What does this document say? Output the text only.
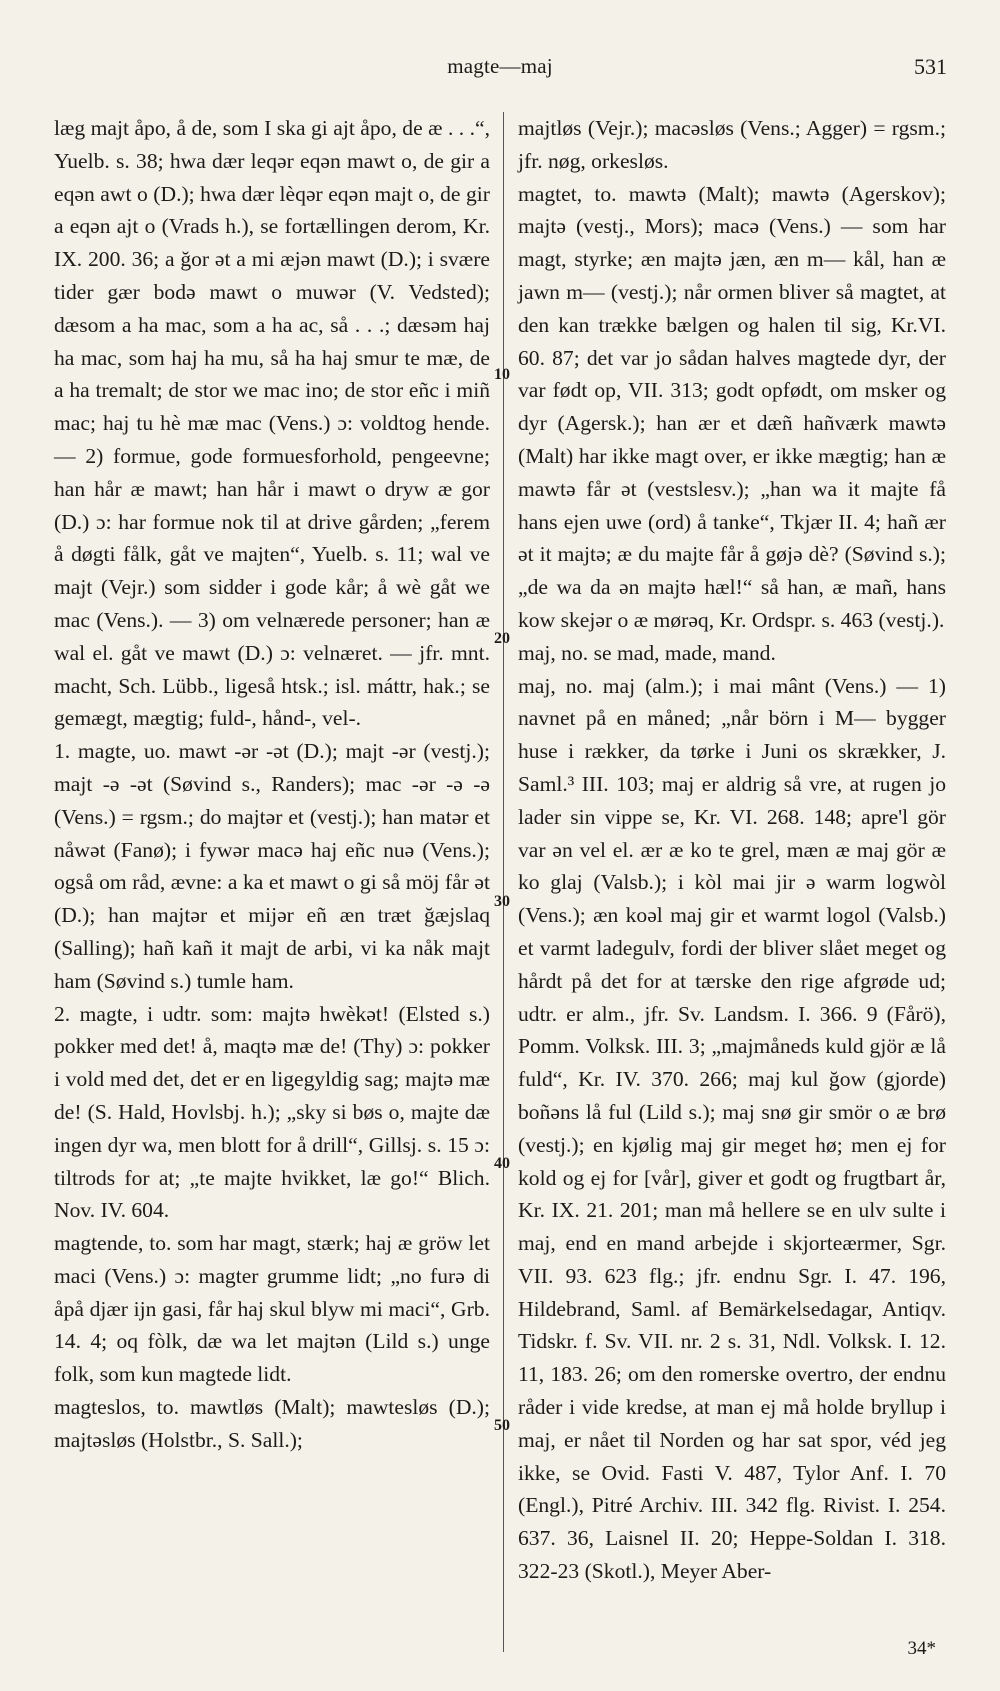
magte—maj	531
10
20
30
40
50

læg majt åpo, å de, som I ska gi ajt åpo, de æ . . .“, Yuelb. s. 38; hwa dær leqər eqən mawt o, de gir a eqən awt o (D.); hwa dær lèqər eqən majt o, de gir a eqən ajt o (Vrads h.), se fortællingen derom, Kr. IX. 200. 36; a ğor ət a mi æjən mawt (D.); i svære tider gær bodə mawt o muwər (V. Vedsted); dæsom a ha mac, som a ha ac, så . . .; dæsəm haj ha mac, som haj ha mu, så ha haj smur te mæ, de a ha tremalt; de stor we mac ino; de stor eñc i miñ mac; haj tu hè mæ mac (Vens.) ɔ: voldtog hende. — 2) formue, gode formuesforhold, pengeevne; han hår æ mawt; han hår i mawt o dryw æ gor (D.) ɔ: har formue nok til at drive gården; „ferem å døgti fålk, gåt ve majten“, Yuelb. s. 11; wal ve majt (Vejr.) som sidder i gode kår; å wè gåt we mac (Vens.). — 3) om velnærede personer; han æ wal el. gåt ve mawt (D.) ɔ: velnæret. — jfr. mnt. macht, Sch. Lübb., ligeså htsk.; isl. máttr, hak.; se gemægt, mægtig; fuld-, hånd-, vel-.

1. magte, uo. mawt -ər -ət (D.); majt -ər (vestj.); majt -ə -ət (Søvind s., Randers); mac -ər -ə -ə (Vens.) = rgsm.; do majtər et (vestj.); han matər et nåwət (Fanø); i fywər macə haj eñc nuə (Vens.); også om råd, ævne: a ka et mawt o gi så möj får ət (D.); han majtər et mijər eñ æn træt ğæjslaq (Salling); hañ kañ it majt de arbi, vi ka nåk majt ham (Søvind s.) tumle ham.

2. magte, i udtr. som: majtə hwèkət! (Elsted s.) pokker med det! å, maqtə mæ de! (Thy) ɔ: pokker i vold med det, det er en ligegyldig sag; majtə mæ de! (S. Hald, Hovlsbj. h.); „sky si bøs o, majte dæ ingen dyr wa, men blott for å drill“, Gillsj. s. 15 ɔ: tiltrods for at; „te majte hvikket, læ go!“ Blich. Nov. IV. 604.

magtende, to. som har magt, stærk; haj æ gröw let maci (Vens.) ɔ: magter grumme lidt; „no furə di åpå djær ijn gasi, får haj skul blyw mi maci“, Grb. 14. 4; oq fòlk, dæ wa let majtən (Lild s.) unge folk, som kun magtede lidt.

magteslos, to. mawtløs (Malt); mawtesløs (D.); majtəsløs (Holstbr., S. Sall.);

majtløs (Vejr.); macəsløs (Vens.; Agger) = rgsm.; jfr. nøg, orkesløs.

magtet, to. mawtə (Malt); mawtə (Agerskov); majtə (vestj., Mors); macə (Vens.) — som har magt, styrke; æn majtə jæn, æn m— kål, han æ jawn m— (vestj.); når ormen bliver så magtet, at den kan trække bælgen og halen til sig, Kr.VI. 60. 87; det var jo sådan halves magtede dyr, der var født op, VII. 313; godt opfødt, om msker og dyr (Agersk.); han ær et dæñ hañværk mawtə (Malt) har ikke magt over, er ikke mægtig; han æ mawtə får ət (vestslesv.); „han wa it majte få hans ejen uwe (ord) å tanke“, Tkjær II. 4; hañ ær ət it majtə; æ du majte får å gøjə dè? (Søvind s.); „de wa da ən majtə hæl!“ så han, æ mañ, hans kow skejər o æ mørəq, Kr. Ordspr. s. 463 (vestj.).

maj, no. se mad, made, mand.

maj, no. maj (alm.); i mai mânt (Vens.) — 1) navnet på en måned; „når börn i M— bygger huse i rækker, da tørke i Juni os skrækker, J. Saml.³ III. 103; maj er aldrig så vre, at rugen jo lader sin vippe se, Kr. VI. 268. 148; apre'l gör var ən vel el. ær æ ko te grel, mæn æ maj gör æ ko glaj (Valsb.); i kòl mai jir ə warm logwòl (Vens.); æn koəl maj gir et warmt logol (Valsb.) et varmt ladegulv, fordi der bliver slået meget og hårdt på det for at tærske den rige afgrøde ud; udtr. er alm., jfr. Sv. Landsm. I. 366. 9 (Fårö), Pomm. Volksk. III. 3; „majmåneds kuld gjör æ lå fuld“, Kr. IV. 370. 266; maj kul ğow (gjorde) boñəns lå ful (Lild s.); maj snø gir smör o æ brø (vestj.); en kjølig maj gir meget hø; men ej for kold og ej for [vår], giver et godt og frugtbart år, Kr. IX. 21. 201; man må hellere se en ulv sulte i maj, end en mand arbejde i skjorteærmer, Sgr. VII. 93. 623 flg.; jfr. endnu Sgr. I. 47. 196, Hildebrand, Saml. af Bemärkelsedagar, Antiqv. Tidskr. f. Sv. VII. nr. 2 s. 31, Ndl. Volksk. I. 12. 11, 183. 26; om den romerske overtro, der endnu råder i vide kredse, at man ej må holde bryllup i maj, er nået til Norden og har sat spor, véd jeg ikke, se Ovid. Fasti V. 487, Tylor Anf. I. 70 (Engl.), Pitré Archiv. III. 342 flg. Rivist. I. 254. 637. 36, Laisnel II. 20; Heppe-Soldan I. 318. 322-23 (Skotl.), Meyer Aber-

34*
